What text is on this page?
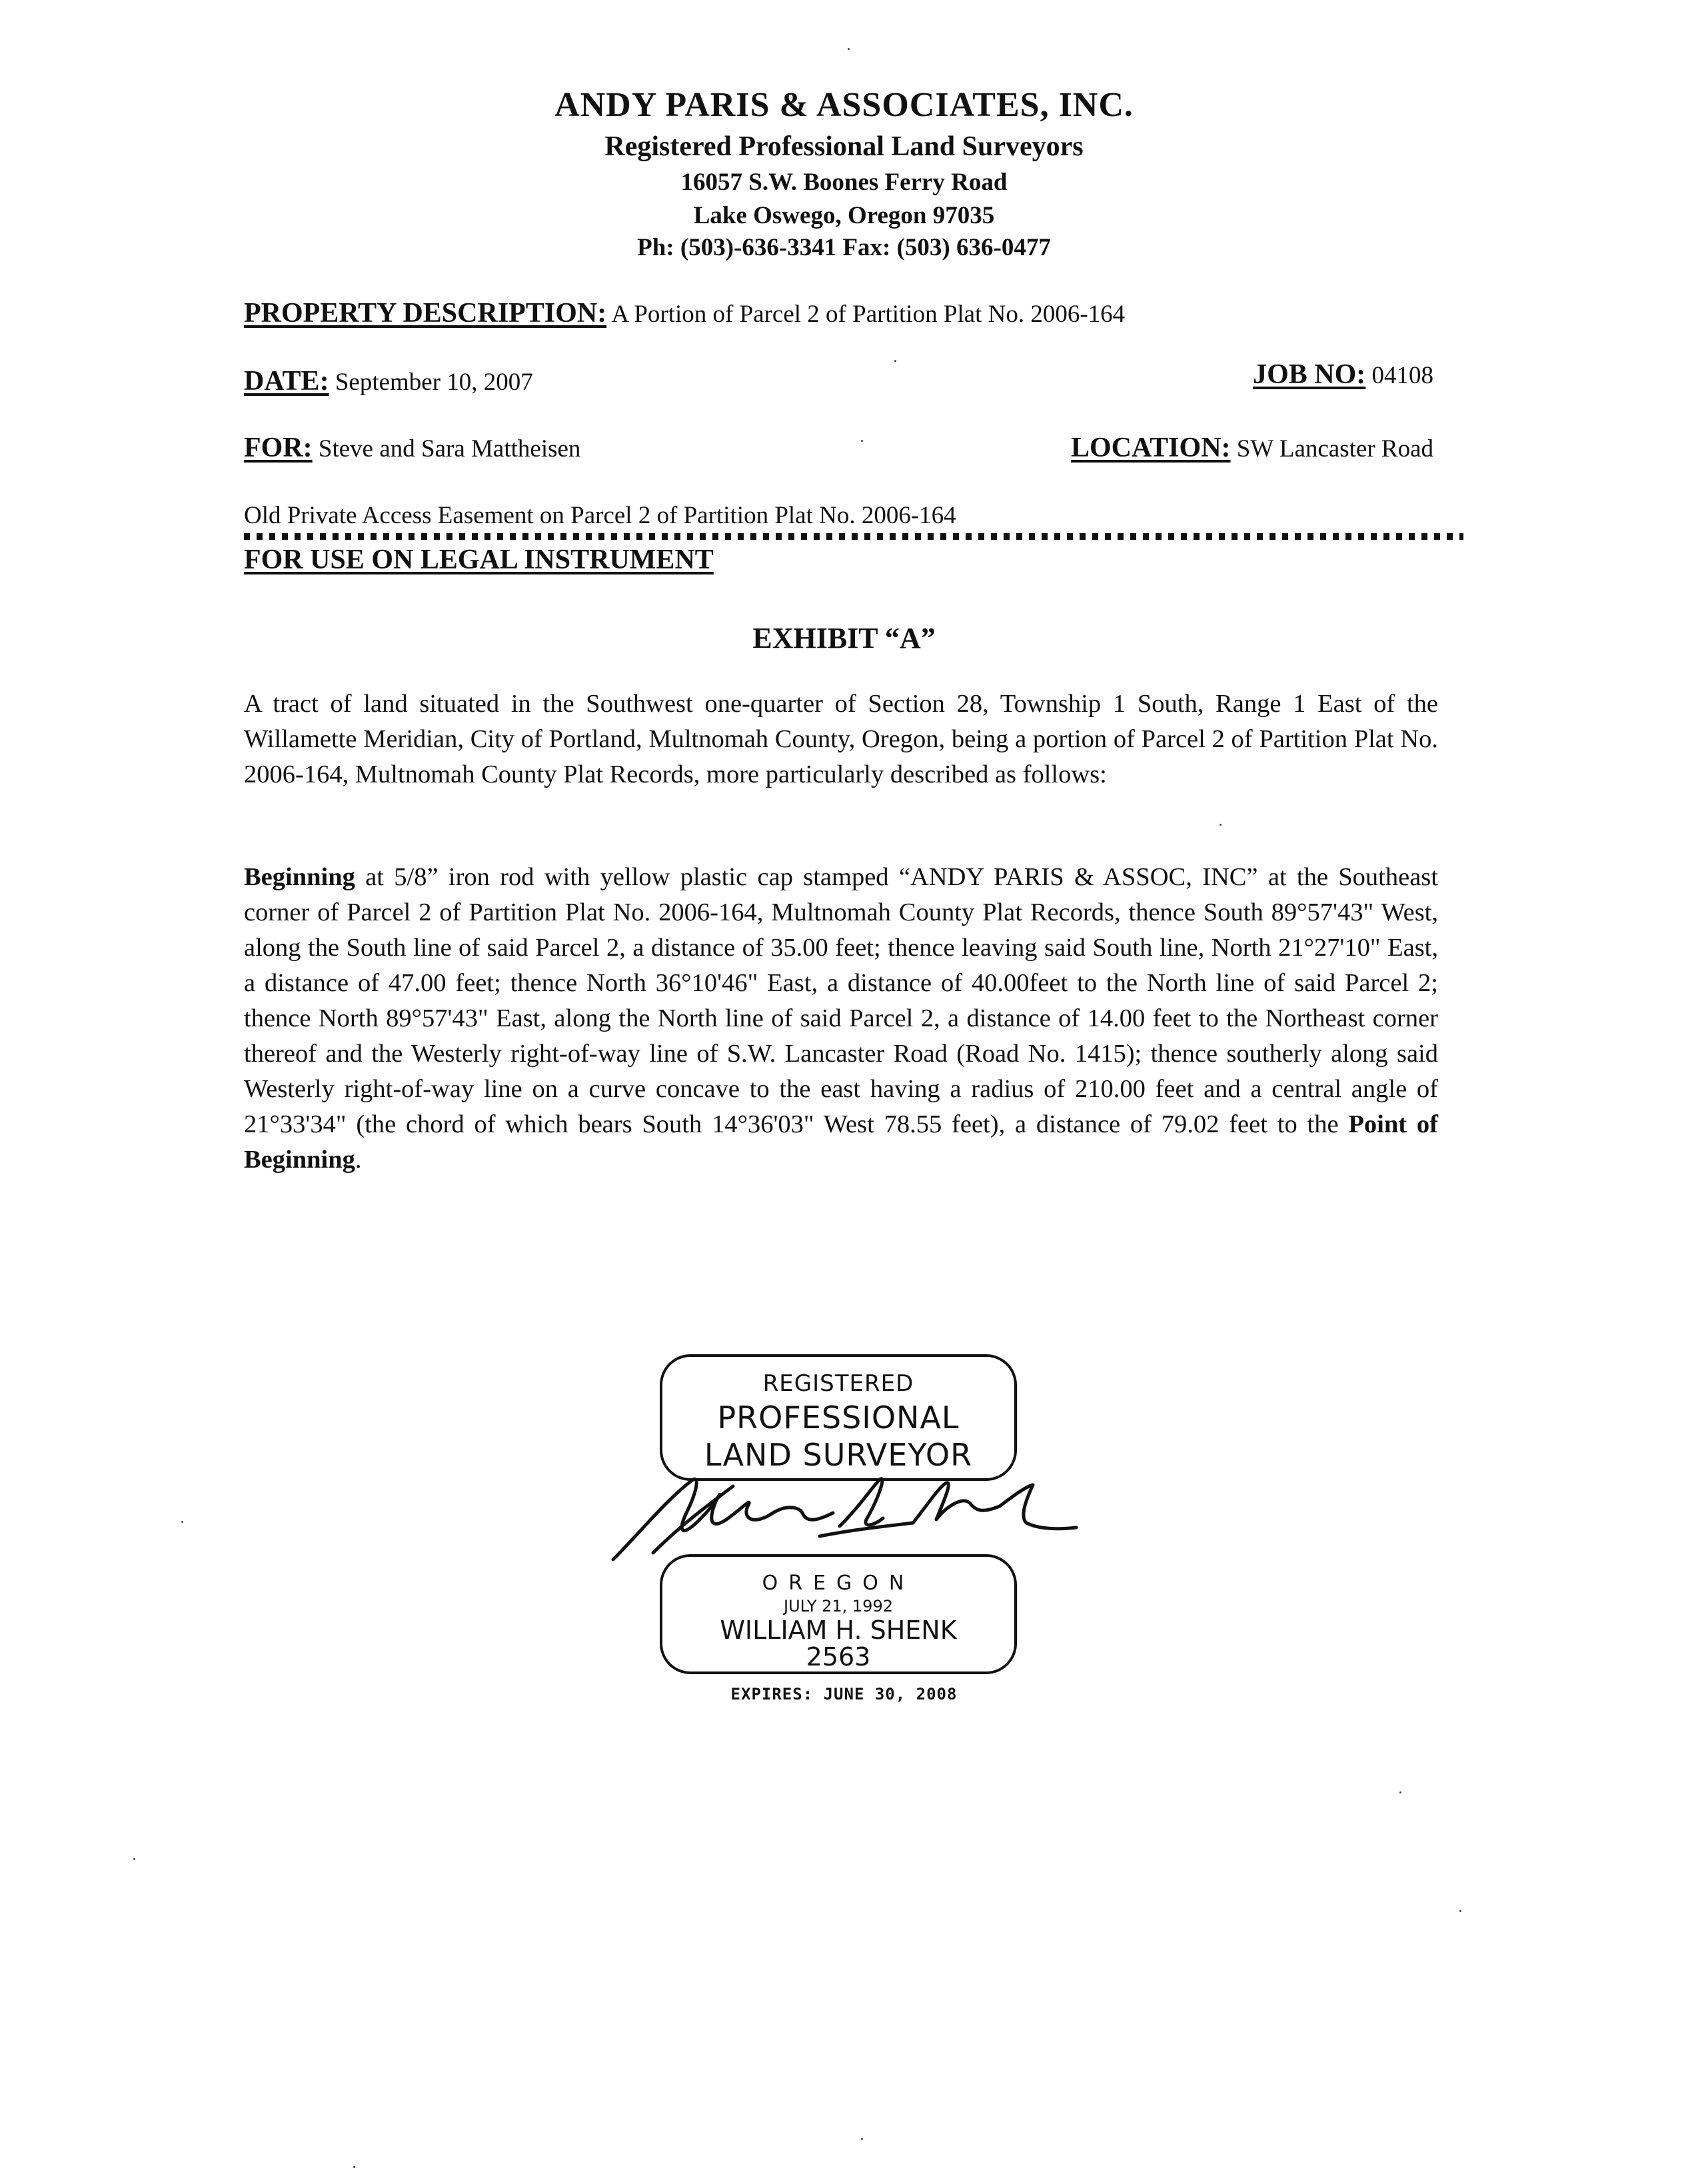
ANDY PARIS & ASSOCIATES, INC.
Registered Professional Land Surveyors
16057 S.W. Boones Ferry Road
Lake Oswego, Oregon 97035
Ph: (503)-636-3341 Fax: (503) 636-0477
PROPERTY DESCRIPTION: A Portion of Parcel 2 of Partition Plat No. 2006-164
DATE: September 10, 2007	JOB NO: 04108
FOR: Steve and Sara Mattheisen	LOCATION: SW Lancaster Road
Old Private Access Easement on Parcel 2 of Partition Plat No. 2006-164
FOR USE ON LEGAL INSTRUMENT
EXHIBIT “A”
A tract of land situated in the Southwest one-quarter of Section 28, Township 1 South, Range 1 East of the Willamette Meridian, City of Portland, Multnomah County, Oregon, being a portion of Parcel 2 of Partition Plat No. 2006-164, Multnomah County Plat Records, more particularly described as follows:
Beginning at 5/8” iron rod with yellow plastic cap stamped “ANDY PARIS & ASSOC, INC” at the Southeast corner of Parcel 2 of Partition Plat No. 2006-164, Multnomah County Plat Records, thence South 89°57'43" West, along the South line of said Parcel 2, a distance of 35.00 feet; thence leaving said South line, North 21°27'10" East, a distance of 47.00 feet; thence North 36°10'46" East, a distance of 40.00feet to the North line of said Parcel 2; thence North 89°57'43" East, along the North line of said Parcel 2, a distance of 14.00 feet to the Northeast corner thereof and the Westerly right-of-way line of S.W. Lancaster Road (Road No. 1415); thence southerly along said Westerly right-of-way line on a curve concave to the east having a radius of 210.00 feet and a central angle of 21°33'34" (the chord of which bears South 14°36'03" West 78.55 feet), a distance of 79.02 feet to the Point of Beginning.
REGISTERED
PROFESSIONAL
LAND SURVEYOR
OREGON
JULY 21, 1992
WILLIAM H. SHENK
2563
EXPIRES: JUNE 30, 2008
